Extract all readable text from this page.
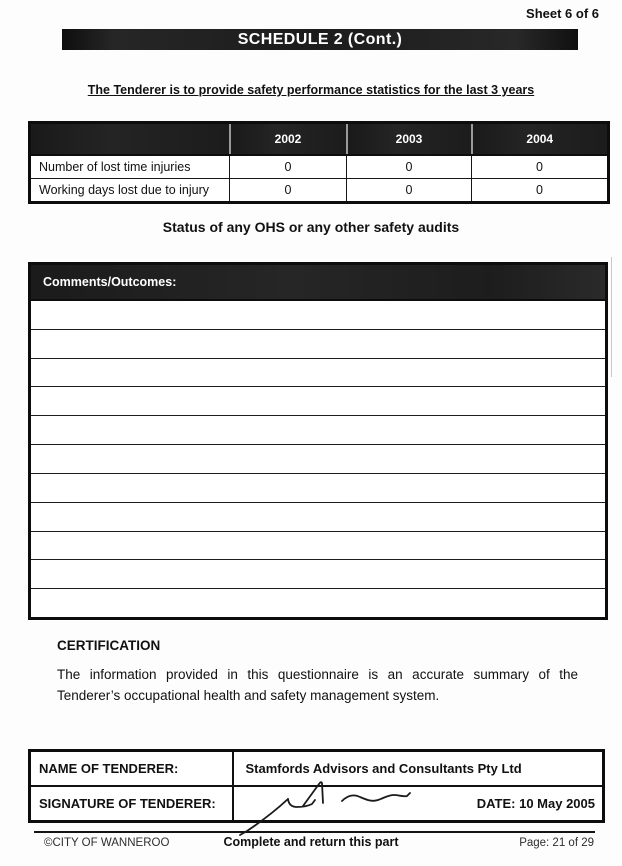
Sheet 6 of 6
SCHEDULE 2 (Cont.)
The Tenderer is to provide safety performance statistics for the last 3 years
	2002	2003	2004
Number of lost time injuries	0	0	0
Working days lost due to injury	0	0	0
Status of any OHS or any other safety audits
Comments/Outcomes:
CERTIFICATION
The information provided in this questionnaire is an accurate summary of the Tenderer’s occupational health and safety management system.
NAME OF TENDERER:	Stamfords Advisors and Consultants Pty Ltd
SIGNATURE OF TENDERER:	DATE: 10 May 2005
©CITY OF WANNEROO	Complete and return this part	Page: 21 of 29
